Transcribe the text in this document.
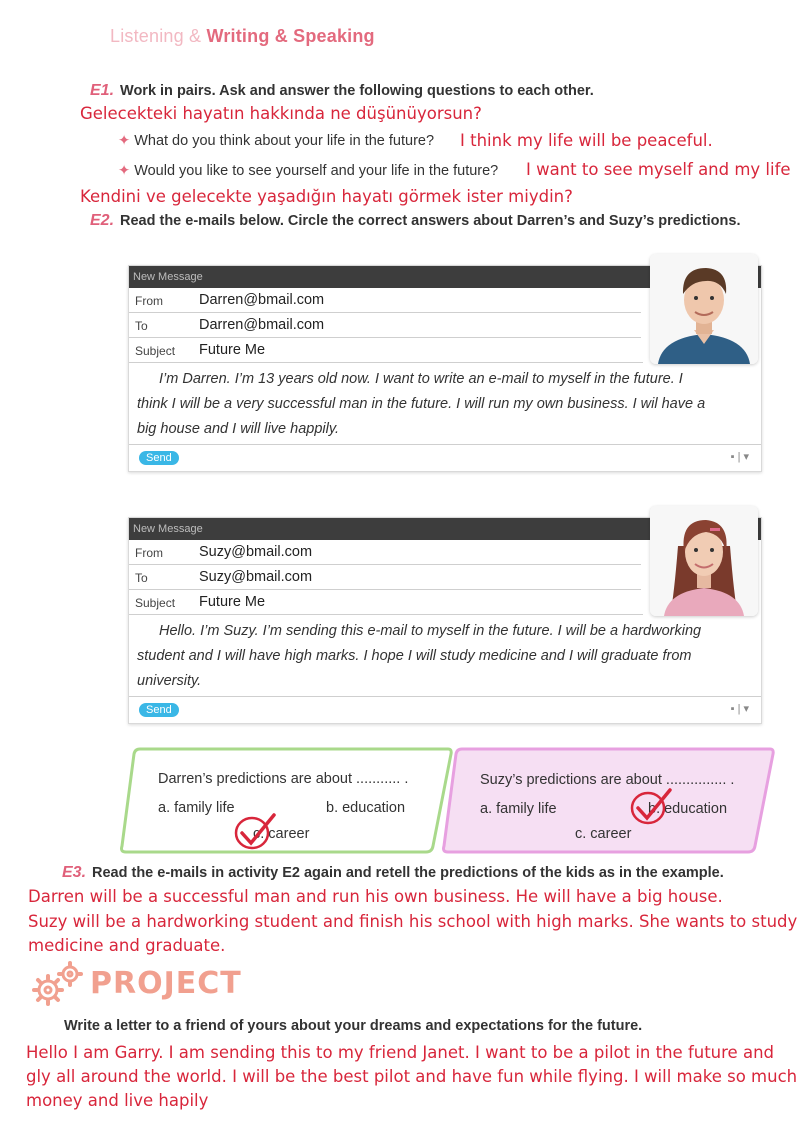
Listening & Writing & Speaking
E1. Work in pairs. Ask and answer the following questions to each other.
Gelecekteki hayatın hakkında ne düşünüyorsun?
✦ What do you think about your life in the future? I think my life will be peaceful.
✦ Would you like to see yourself and your life in the future? I want to see myself and my life
Kendini ve gelecekte yaşadığın hayatı görmek ister miydin?
E2. Read the e-mails below. Circle the correct answers about Darren’s and Suzy’s predictions.
New Message
From Darren@bmail.com
To	Darren@bmail.com
Subject Future Me
I’m Darren. I’m 13 years old now. I want to write an e-mail to myself in the future. I
think I will be a very successful man in the future. I will run my own business. I wil have a
big house and I will live happily.
Send	▪ | ▾
New Message
From Suzy@bmail.com
To	Suzy@bmail.com
Subject Future Me
Hello. I’m Suzy. I’m sending this e-mail to myself in the future. I will be a hardworking
student and I will have high marks. I hope I will study medicine and I will graduate from
university.
Send	▪ | ▾
Darren’s predictions are about ........... .
a. family life	b. education
c. career
Suzy’s predictions are about ............... .
a. family life	b. education
c. career
E3. Read the e-mails in activity E2 again and retell the predictions of the kids as in the example.
Darren will be a successful man and run his own business. He will have a big house.
Suzy will be a hardworking student and finish his school with high marks. She wants to study
medicine and graduate.
PROJECT
Write a letter to a friend of yours about your dreams and expectations for the future.
Hello I am Garry. I am sending this to my friend Janet. I want to be a pilot in the future and
gly all around the world. I will be the best pilot and have fun while flying. I will make so much
money and live hapily
